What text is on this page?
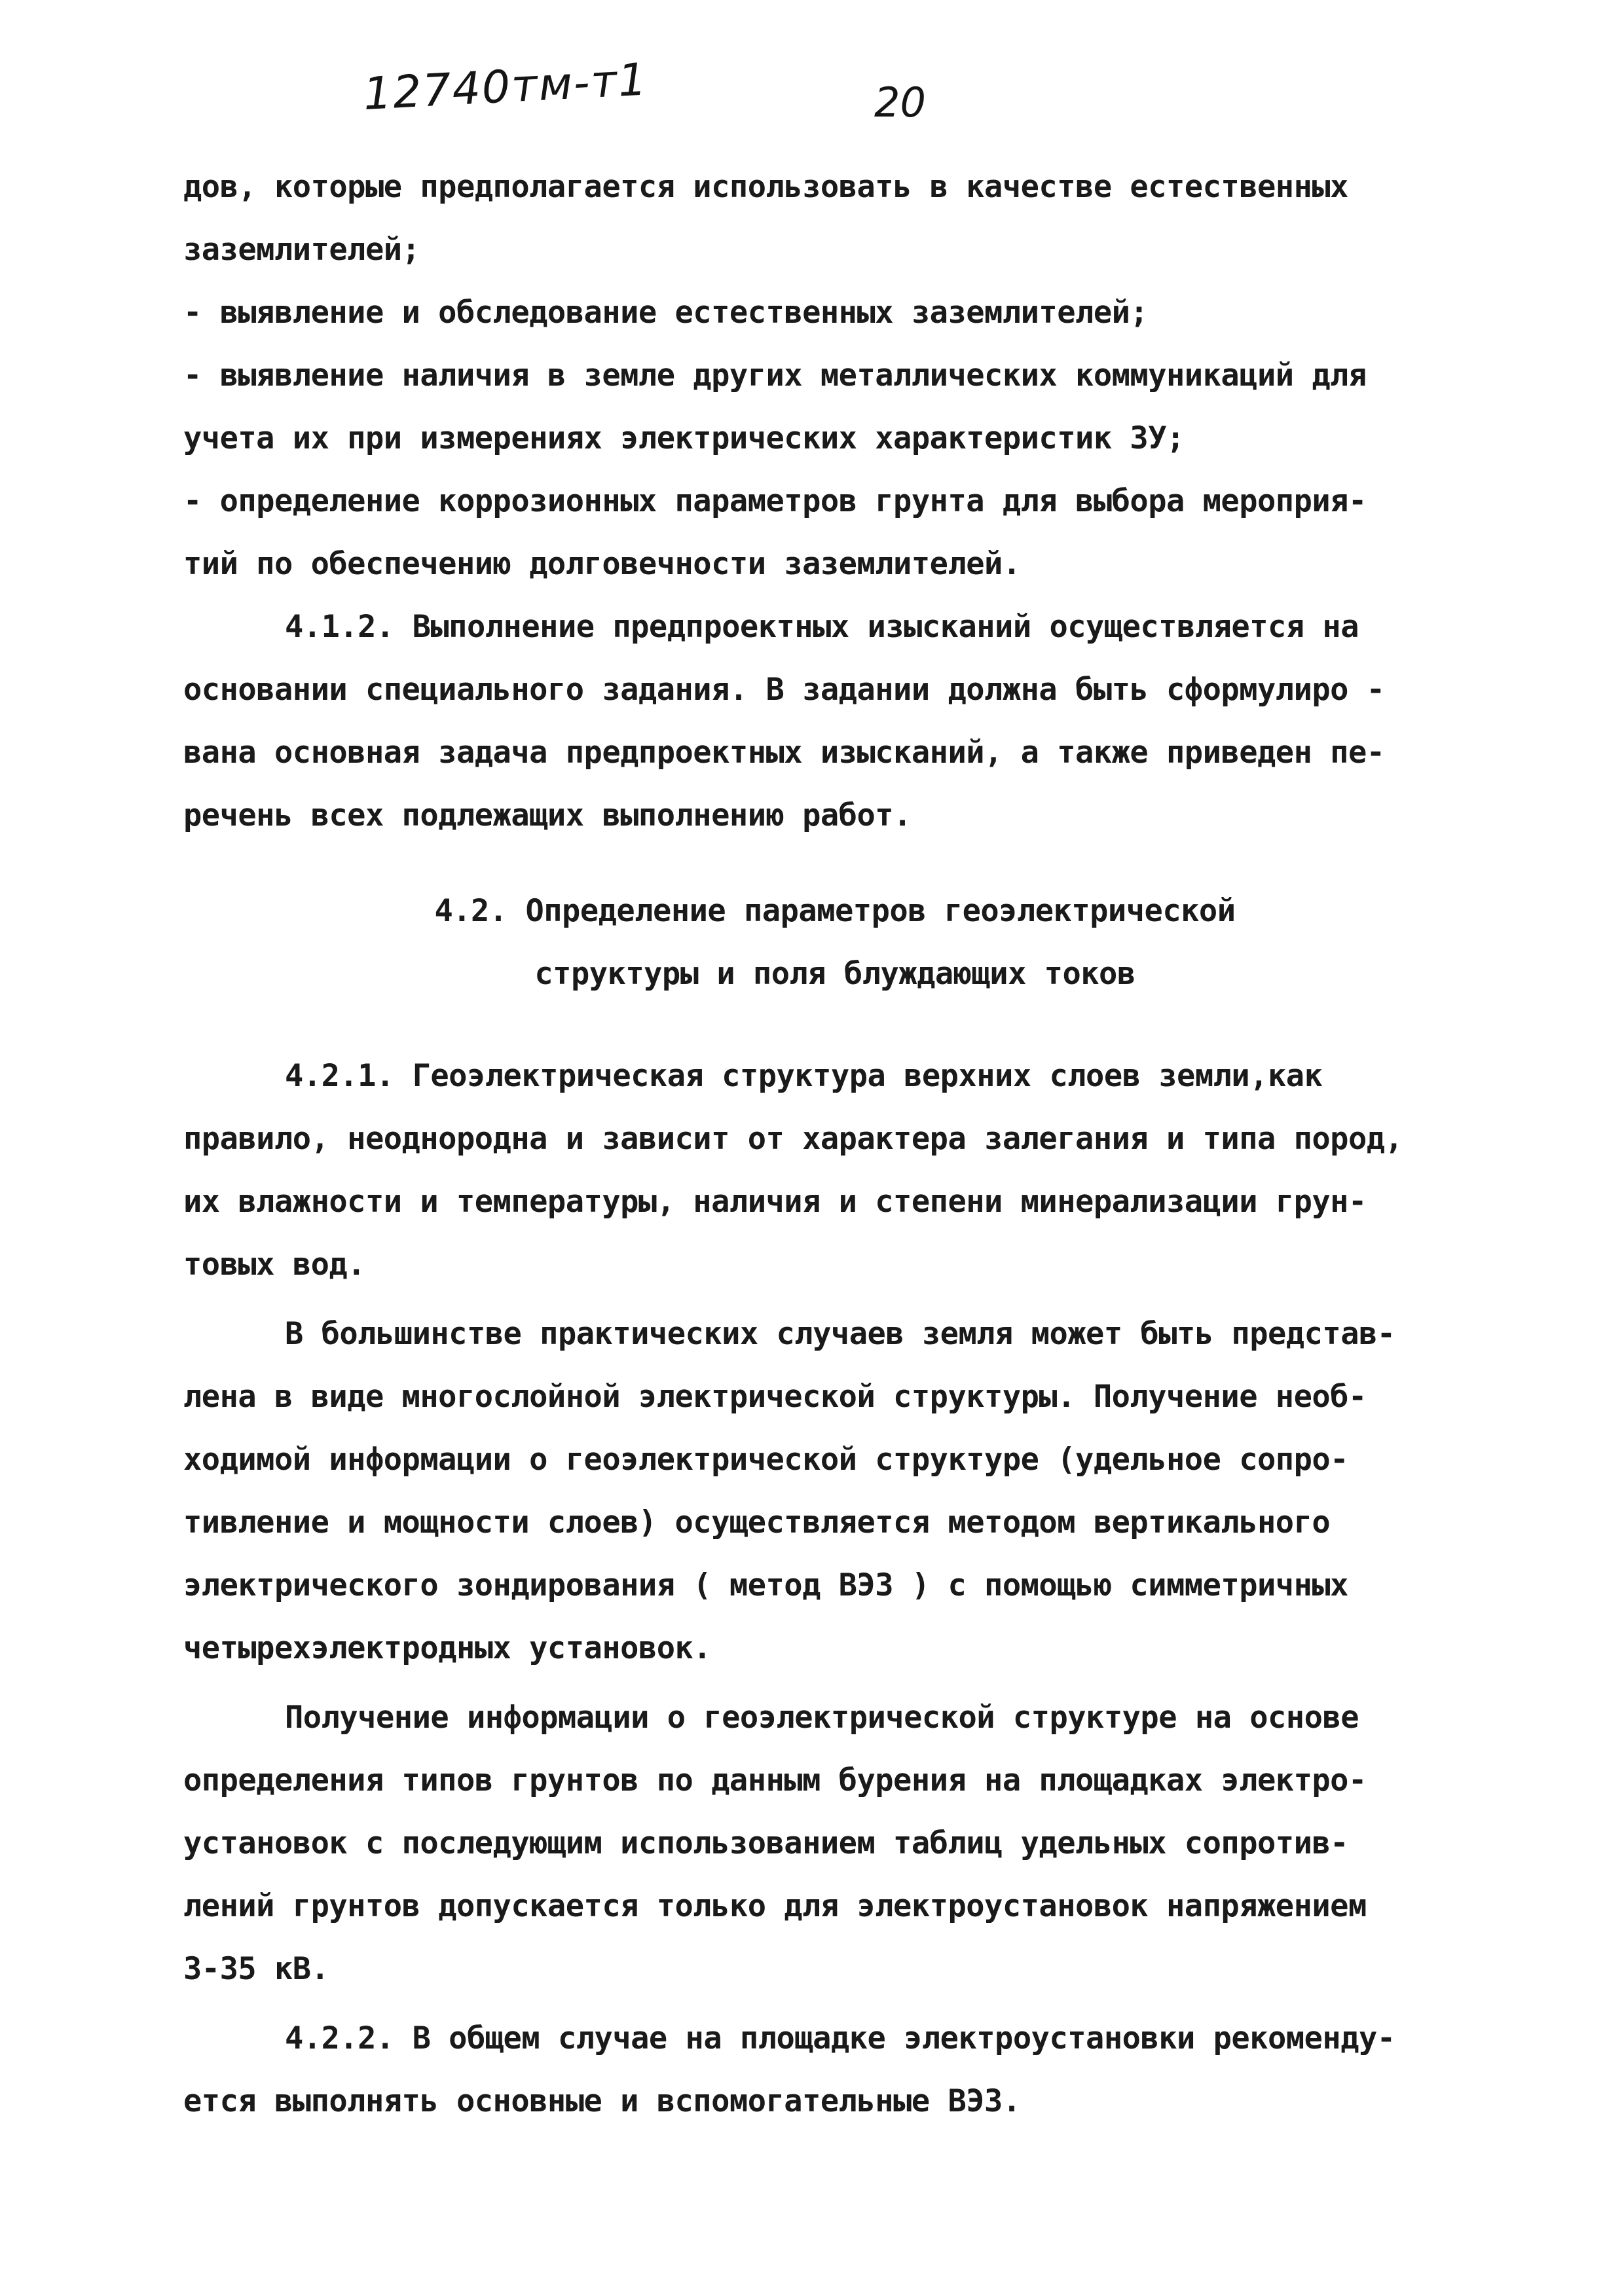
12740тм-т1	20
дов, которые предполагается использовать в качестве естественных
заземлителей;
- выявление и обследование естественных заземлителей;
- выявление наличия в земле других металлических коммуникаций для
учета их при измерениях электрических характеристик ЗУ;
- определение коррозионных параметров грунта для выбора мероприя-
тий по обеспечению долговечности заземлителей.
4.1.2. Выполнение предпроектных изысканий осуществляется на
основании специального задания. В задании должна быть сформулиро -
вана основная задача предпроектных изысканий, а также приведен пе-
речень всех подлежащих выполнению работ.
4.2. Определение параметров геоэлектрической
структуры и поля блуждающих токов
4.2.1. Геоэлектрическая структура верхних слоев земли,как
правило, неоднородна и зависит от характера залегания и типа пород,
их влажности и температуры, наличия и степени минерализации грун-
товых вод.
В большинстве практических случаев земля может быть представ-
лена в виде многослойной электрической структуры. Получение необ-
ходимой информации о геоэлектрической структуре (удельное сопро-
тивление и мощности слоев) осуществляется методом вертикального
электрического зондирования ( метод ВЭЗ ) с помощью симметричных
четырехэлектродных установок.
Получение информации о геоэлектрической структуре на основе
определения типов грунтов по данным бурения на площадках электро-
установок с последующим использованием таблиц удельных сопротив-
лений грунтов допускается только для электроустановок напряжением
3-35 кВ.
4.2.2. В общем случае на площадке электроустановки рекоменду-
ется выполнять основные и вспомогательные ВЭЗ.
